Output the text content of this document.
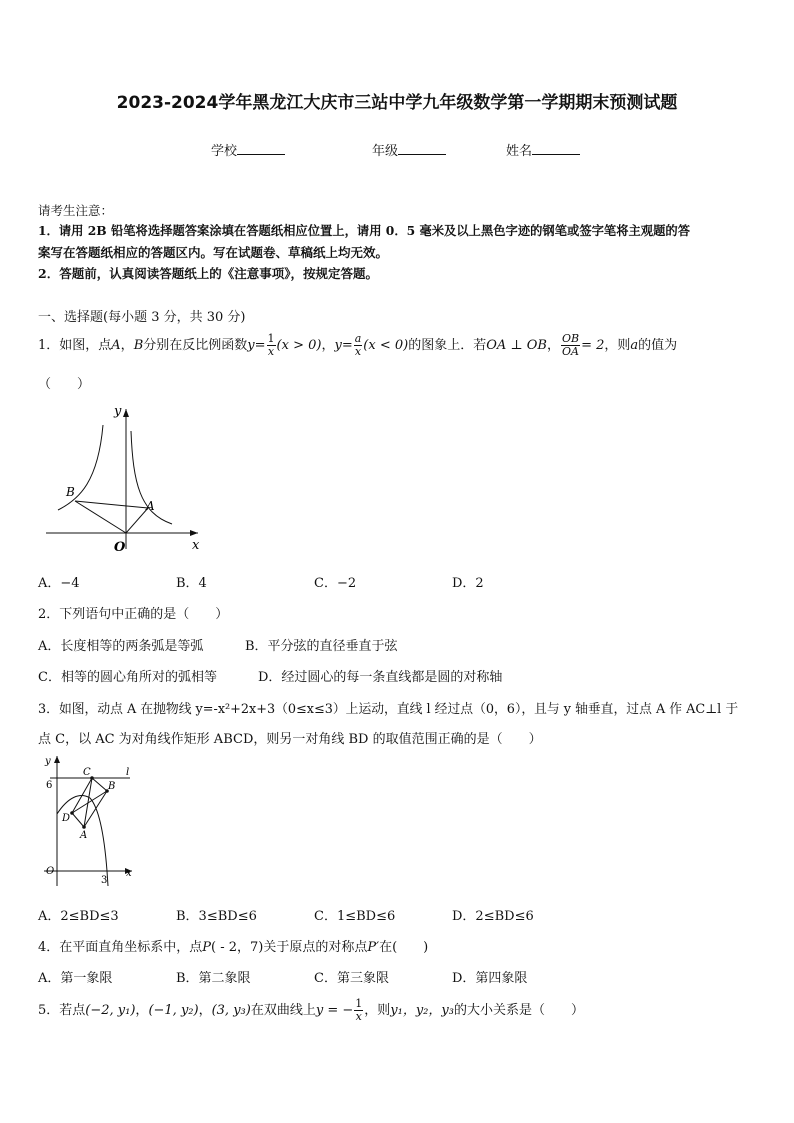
2023-2024学年黑龙江大庆市三站中学九年级数学第一学期期末预测试题
学校	年级	姓名
请考生注意：
1．请用 2B 铅笔将选择题答案涂填在答题纸相应位置上，请用 0．5 毫米及以上黑色字迹的钢笔或签字笔将主观题的答
案写在答题纸相应的答题区内。写在试题卷、草稿纸上均无效。
2．答题前，认真阅读答题纸上的《注意事项》，按规定答题。
一、选择题(每小题 3 分，共 30 分)
1．如图，点A，B分别在反比例函数$y= \frac{1}{x} (x > 0)$，$y= \frac{a}{x} (x < 0)$的图象上．若OA ⊥ OB， $\frac{OB}{OA} = 2$，则a的值为
（　　）
y
x
O
A
B
A．−4	B．4	C．−2	D．2
2．下列语句中正确的是（　　）
A．长度相等的两条弧是等弧	B．平分弦的直径垂直于弦
C．相等的圆心角所对的弧相等	D．经过圆心的每一条直线都是圆的对称轴
3．如图，动点 A 在抛物线 y=-x²+2x+3（0≤x≤3）上运动，直线 l 经过点（0，6），且与 y 轴垂直，过点 A 作 AC⊥l 于
点 C，以 AC 为对角线作矩形 ABCD，则另一对角线 BD 的取值范围正确的是（　　）
y
x
O
6
3
C
B
D
A
l
A．2≤BD≤3	B．3≤BD≤6	C．1≤BD≤6	D．2≤BD≤6
4．在平面直角坐标系中，点P( - 2，7)关于原点的对称点P′在(　　)
A．第一象限	B．第二象限	C．第三象限	D．第四象限
5．若点(−2, y₁)，(−1, y₂)，(3, y₃)在双曲线上y = − $\frac{1}{x}$ ，则y₁，y₂，y₃的大小关系是（　　）
